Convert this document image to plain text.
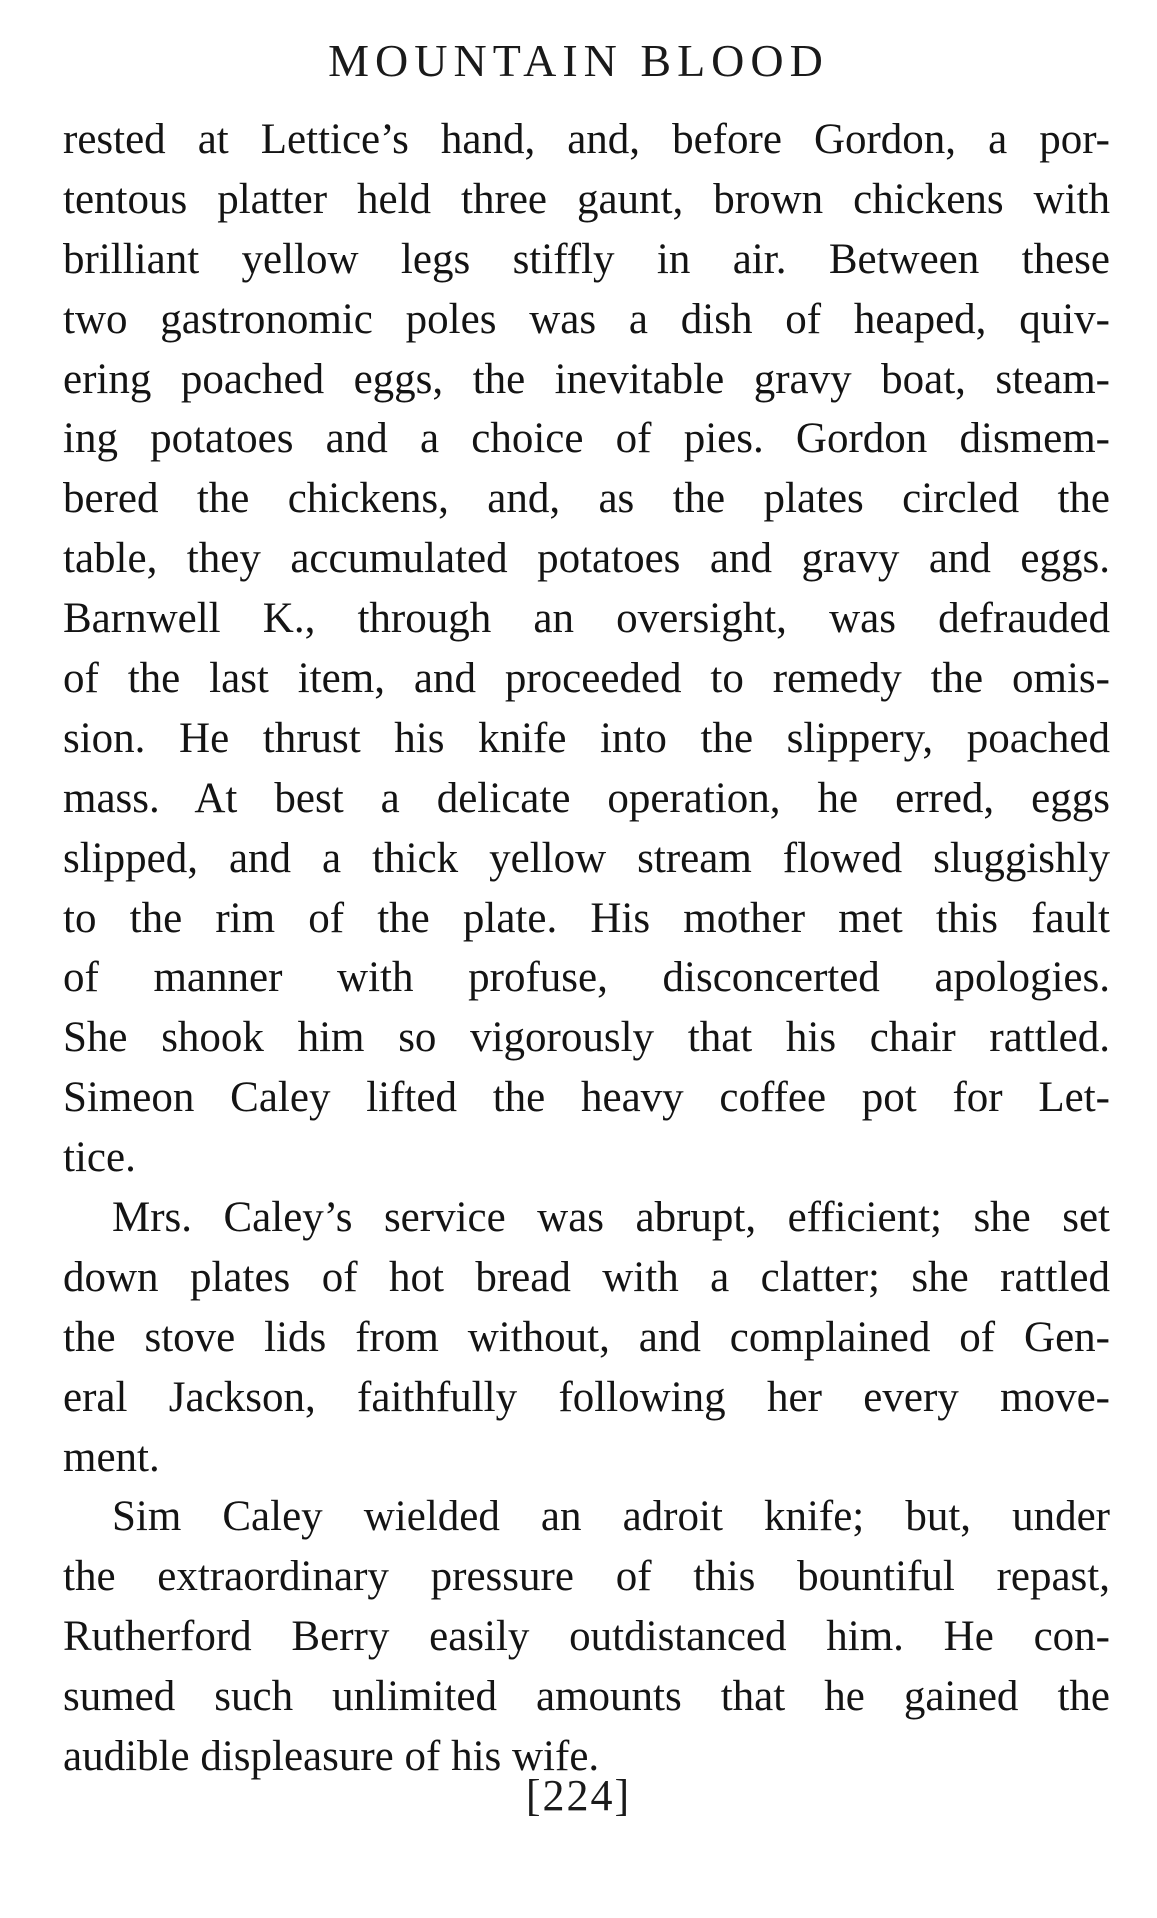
MOUNTAIN BLOOD
rested at Lettice’s hand, and, before Gordon, a por-
tentous platter held three gaunt, brown chickens with
brilliant yellow legs stiffly in air. Between these
two gastronomic poles was a dish of heaped, quiv-
ering poached eggs, the inevitable gravy boat, steam-
ing potatoes and a choice of pies. Gordon dismem-
bered the chickens, and, as the plates circled the
table, they accumulated potatoes and gravy and eggs.
Barnwell K., through an oversight, was defrauded
of the last item, and proceeded to remedy the omis-
sion. He thrust his knife into the slippery, poached
mass. At best a delicate operation, he erred, eggs
slipped, and a thick yellow stream flowed sluggishly
to the rim of the plate. His mother met this fault
of manner with profuse, disconcerted apologies.
She shook him so vigorously that his chair rattled.
Simeon Caley lifted the heavy coffee pot for Let-
tice.
Mrs. Caley’s service was abrupt, efficient; she set
down plates of hot bread with a clatter; she rattled
the stove lids from without, and complained of Gen-
eral Jackson, faithfully following her every move-
ment.
Sim Caley wielded an adroit knife; but, under
the extraordinary pressure of this bountiful repast,
Rutherford Berry easily outdistanced him. He con-
sumed such unlimited amounts that he gained the
audible displeasure of his wife.
[224]
